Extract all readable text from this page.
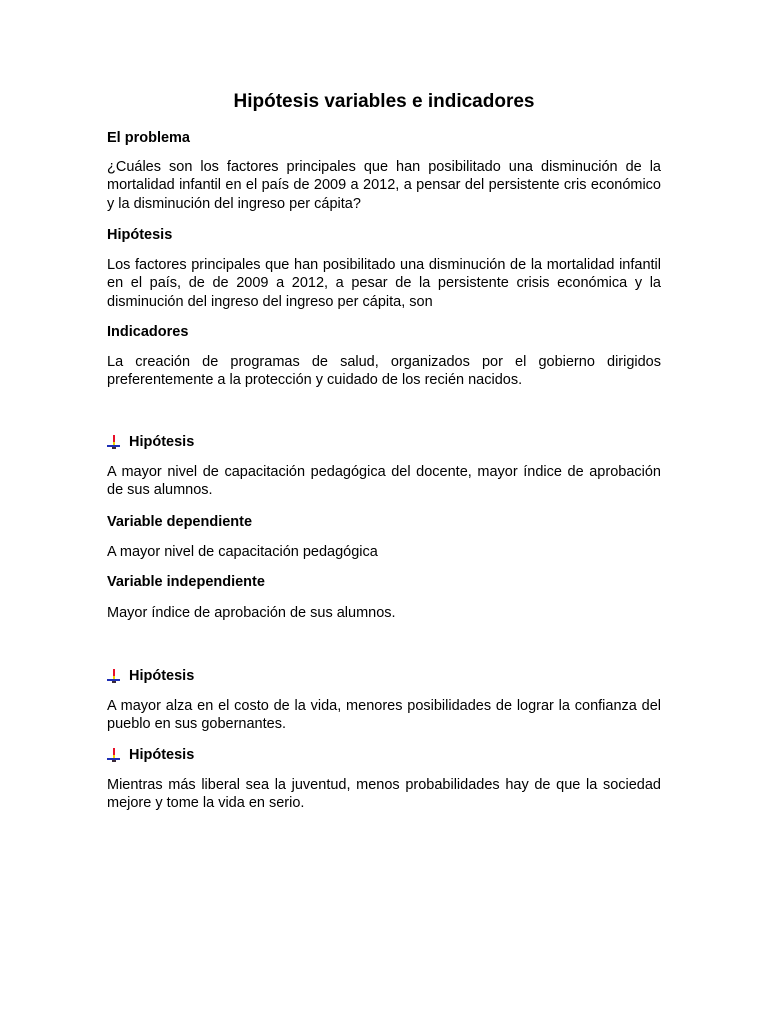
Hipótesis variables e indicadores
El problema

¿Cuáles son los factores principales que han posibilitado una disminución de la mortalidad infantil en el país de 2009 a 2012, a pensar del persistente cris económico y la disminución del ingreso per cápita?

Hipótesis

Los factores principales que han posibilitado una disminución de la mortalidad infantil en el país, de de 2009 a 2012, a pesar de la persistente crisis económica y la disminución del ingreso del ingreso per cápita, son

Indicadores

La creación de programas de salud, organizados por el gobierno dirigidos preferentemente a la protección y cuidado de los recién nacidos.

Hipótesis

A mayor nivel de capacitación pedagógica del docente, mayor índice de aprobación de sus alumnos.

Variable dependiente

A mayor nivel de capacitación pedagógica

Variable independiente

Mayor índice de aprobación de sus alumnos.

Hipótesis

A mayor alza en el costo de la vida, menores posibilidades de lograr la confianza del pueblo en sus gobernantes.

Hipótesis

Mientras más liberal sea la juventud, menos probabilidades hay de que la sociedad mejore y tome la vida en serio.
